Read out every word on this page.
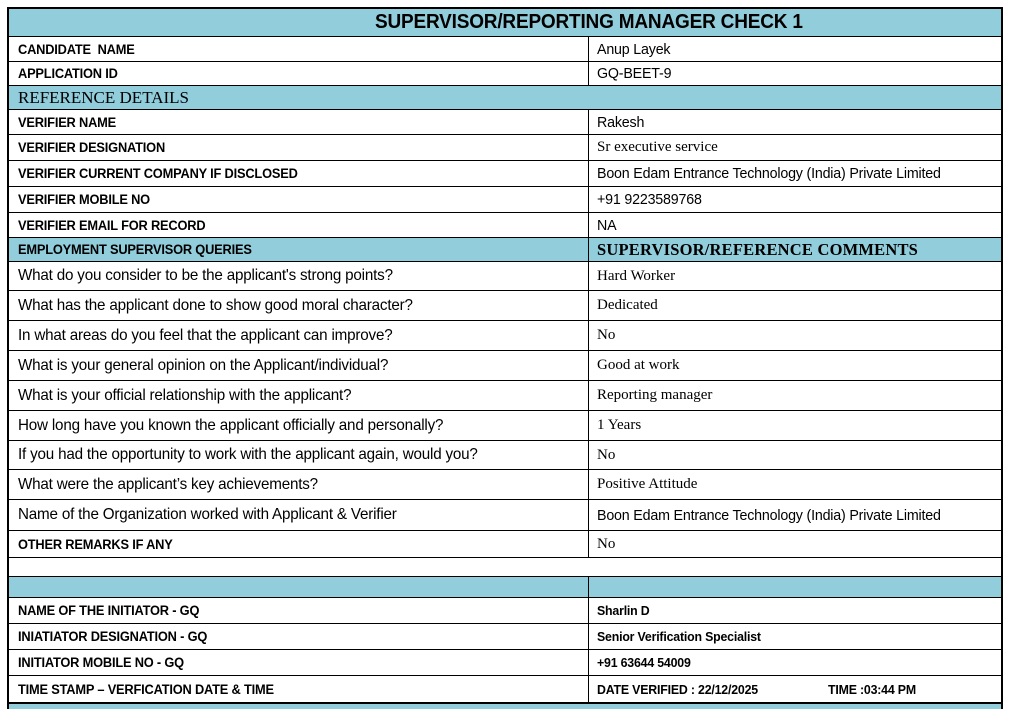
SUPERVISOR/REPORTING MANAGER CHECK 1
CANDIDATE  NAME	Anup Layek
APPLICATION ID	GQ-BEET-9
REFERENCE DETAILS
VERIFIER NAME	Rakesh
VERIFIER DESIGNATION	Sr executive service
VERIFIER CURRENT COMPANY IF DISCLOSED	Boon Edam Entrance Technology (India) Private Limited
VERIFIER MOBILE NO	+91 9223589768
VERIFIER EMAIL FOR RECORD	NA
EMPLOYMENT SUPERVISOR QUERIES	SUPERVISOR/REFERENCE COMMENTS
What do you consider to be the applicant's strong points?	Hard Worker
What has the applicant done to show good moral character?	Dedicated
In what areas do you feel that the applicant can improve?	No
What is your general opinion on the Applicant/individual?	Good at work
What is your official relationship with the applicant?	Reporting manager
How long have you known the applicant officially and personally?	1 Years
If you had the opportunity to work with the applicant again, would you?	No
What were the applicant’s key achievements?	Positive Attitude
Name of the Organization worked with Applicant & Verifier	Boon Edam Entrance Technology (India) Private Limited
OTHER REMARKS IF ANY	No
NAME OF THE INITIATOR - GQ	Sharlin D
INIATIATOR DESIGNATION - GQ	Senior Verification Specialist
INITIATOR MOBILE NO - GQ	+91 63644 54009
TIME STAMP – VERFICATION DATE & TIME	DATE VERIFIED : 22/12/2025	TIME :03:44 PM
